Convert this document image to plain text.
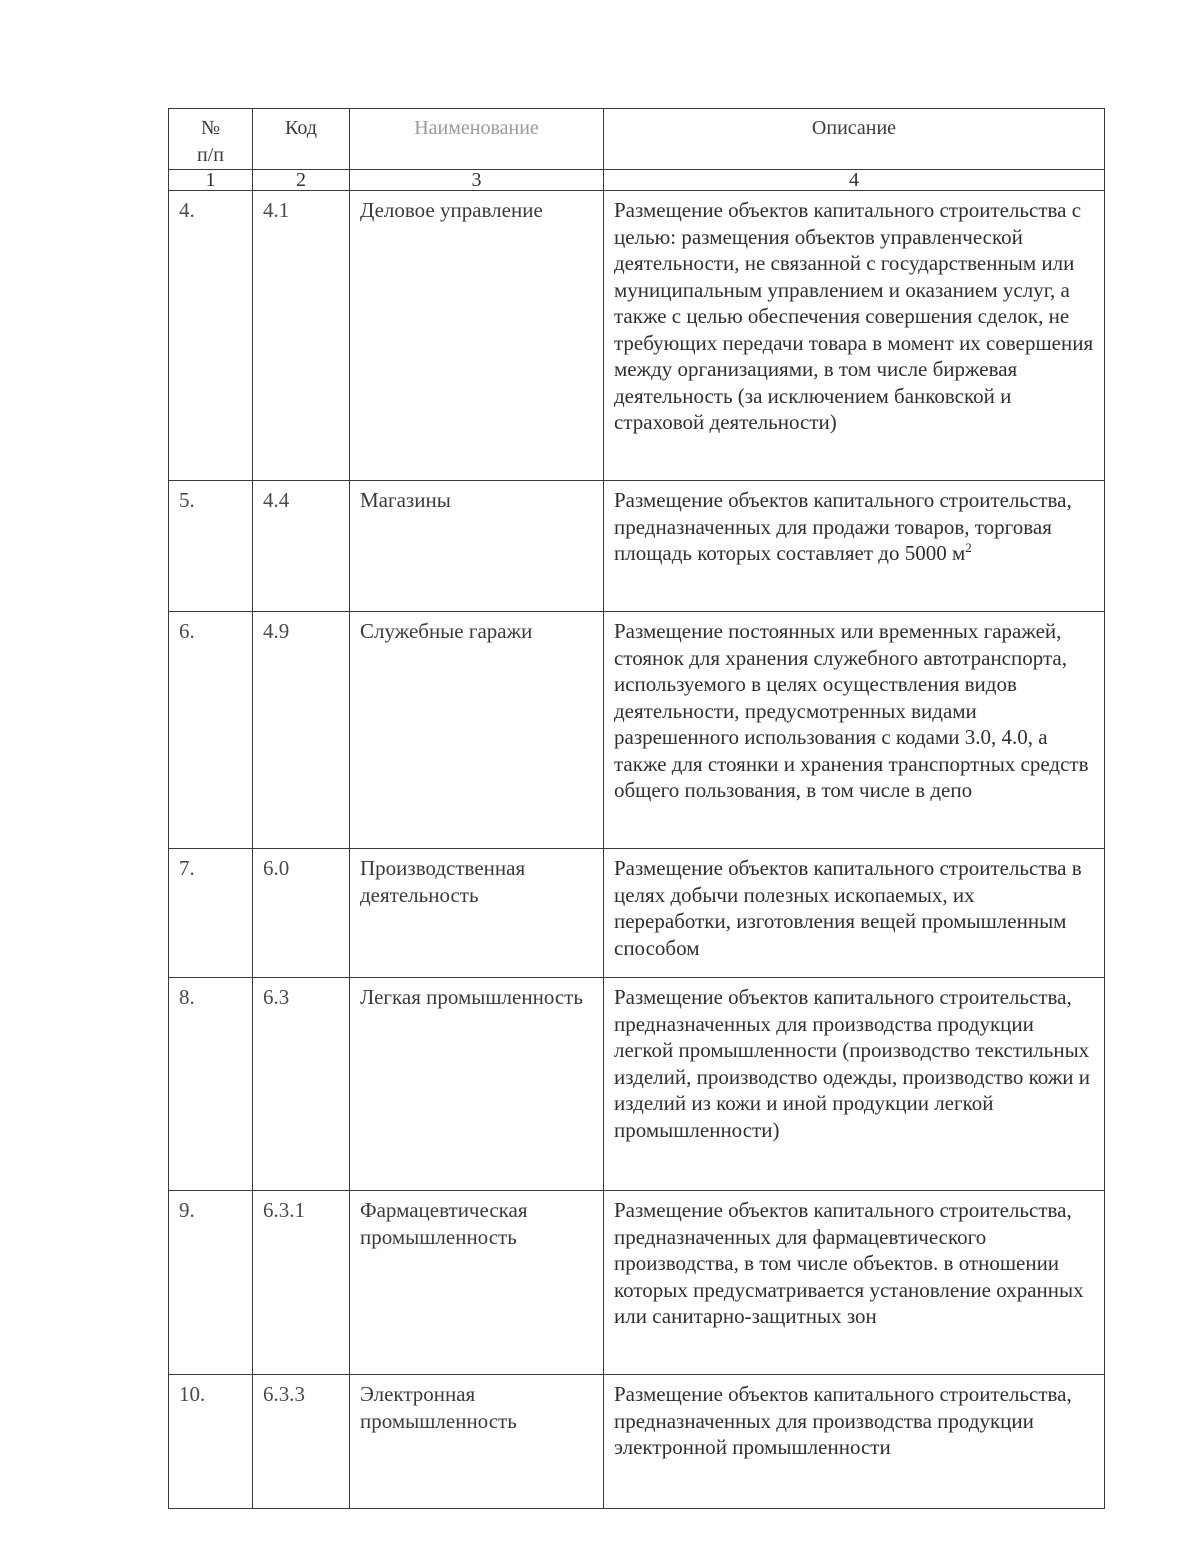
№
п/п	Код	Наименование	Описание
1	2	3	4
4.	4.1	Деловое управление	Размещение объектов капитального строительства с целью: размещения объектов управленческой деятельности, не связанной с государственным или муниципальным управлением и оказанием услуг, а также с целью обеспечения совершения сделок, не требующих передачи товара в момент их совершения между организациями, в том числе биржевая деятельность (за исключением банковской и страховой деятельности)
5.	4.4	Магазины	Размещение объектов капитального строительства, предназначенных для продажи товаров, торговая площадь которых составляет до 5000 $м^2$
6.	4.9	Служебные гаражи	Размещение постоянных или временных гаражей, стоянок для хранения служебного автотранспорта, используемого в целях осуществления видов деятельности, предусмотренных видами разрешенного использования с кодами 3.0, 4.0, а также для стоянки и хранения транспортных средств общего пользования, в том числе в депо
7.	6.0	Производственная деятельность	Размещение объектов капитального строительства в целях добычи полезных ископаемых, их переработки, изготовления вещей промышленным способом
8.	6.3	Легкая промышленность	Размещение объектов капитального строительства, предназначенных для производства продукции легкой промышленности (производство текстильных изделий, производство одежды, производство кожи и изделий из кожи и иной продукции легкой промышленности)
9.	6.3.1	Фармацевтическая промышленность	Размещение объектов капитального строительства, предназначенных для фармацевтического производства, в том числе объектов. в отношении которых предусматривается установление охранных или санитарно-защитных зон
10.	6.3.3	Электронная промышленность	Размещение объектов капитального строительства, предназначенных для производства продукции электронной промышленности
